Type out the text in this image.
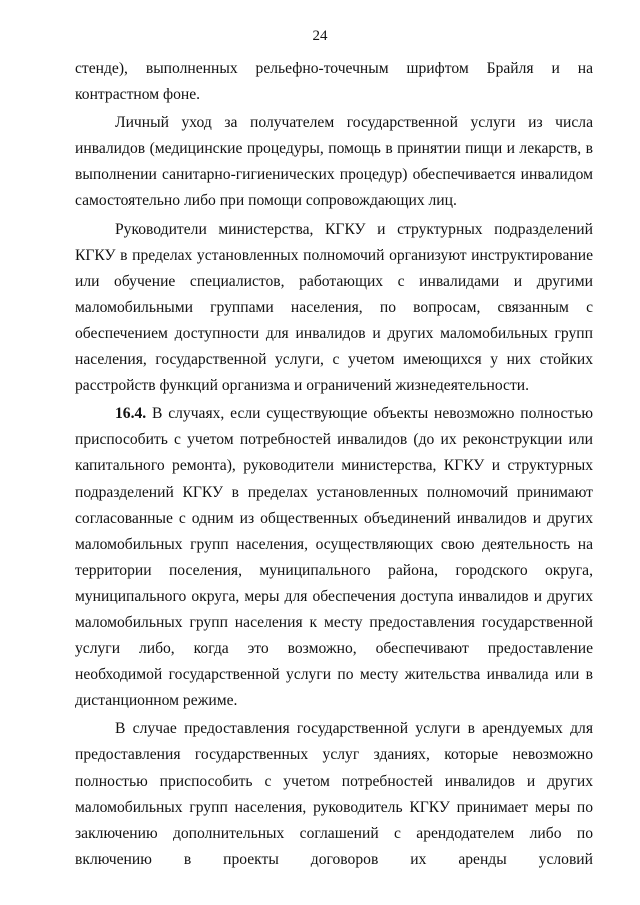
24

стенде), выполненных рельефно-точечным шрифтом Брайля и на контрастном фоне.

Личный уход за получателем государственной услуги из числа инвалидов (медицинские процедуры, помощь в принятии пищи и лекарств, в выполнении санитарно-гигиенических процедур) обеспечивается инвалидом самостоятельно либо при помощи сопровождающих лиц.

Руководители министерства, КГКУ и структурных подразделений КГКУ в пределах установленных полномочий организуют инструктирование или обучение специалистов, работающих с инвалидами и другими маломобильными группами населения, по вопросам, связанным с обеспечением доступности для инвалидов и других маломобильных групп населения, государственной услуги, с учетом имеющихся у них стойких расстройств функций организма и ограничений жизнедеятельности.

16.4. В случаях, если существующие объекты невозможно полностью приспособить с учетом потребностей инвалидов (до их реконструкции или капитального ремонта), руководители министерства, КГКУ и структурных подразделений КГКУ в пределах установленных полномочий принимают согласованные с одним из общественных объединений инвалидов и других маломобильных групп населения, осуществляющих свою деятельность на территории поселения, муниципального района, городского округа, муниципального округа, меры для обеспечения доступа инвалидов и других маломобильных групп населения к месту предоставления государственной услуги либо, когда это возможно, обеспечивают предоставление необходимой государственной услуги по месту жительства инвалида или в дистанционном режиме.

В случае предоставления государственной услуги в арендуемых для предоставления государственных услуг зданиях, которые невозможно полностью приспособить с учетом потребностей инвалидов и других маломобильных групп населения, руководитель КГКУ принимает меры по заключению дополнительных соглашений с арендодателем либо по включению в проекты договоров их аренды условий
